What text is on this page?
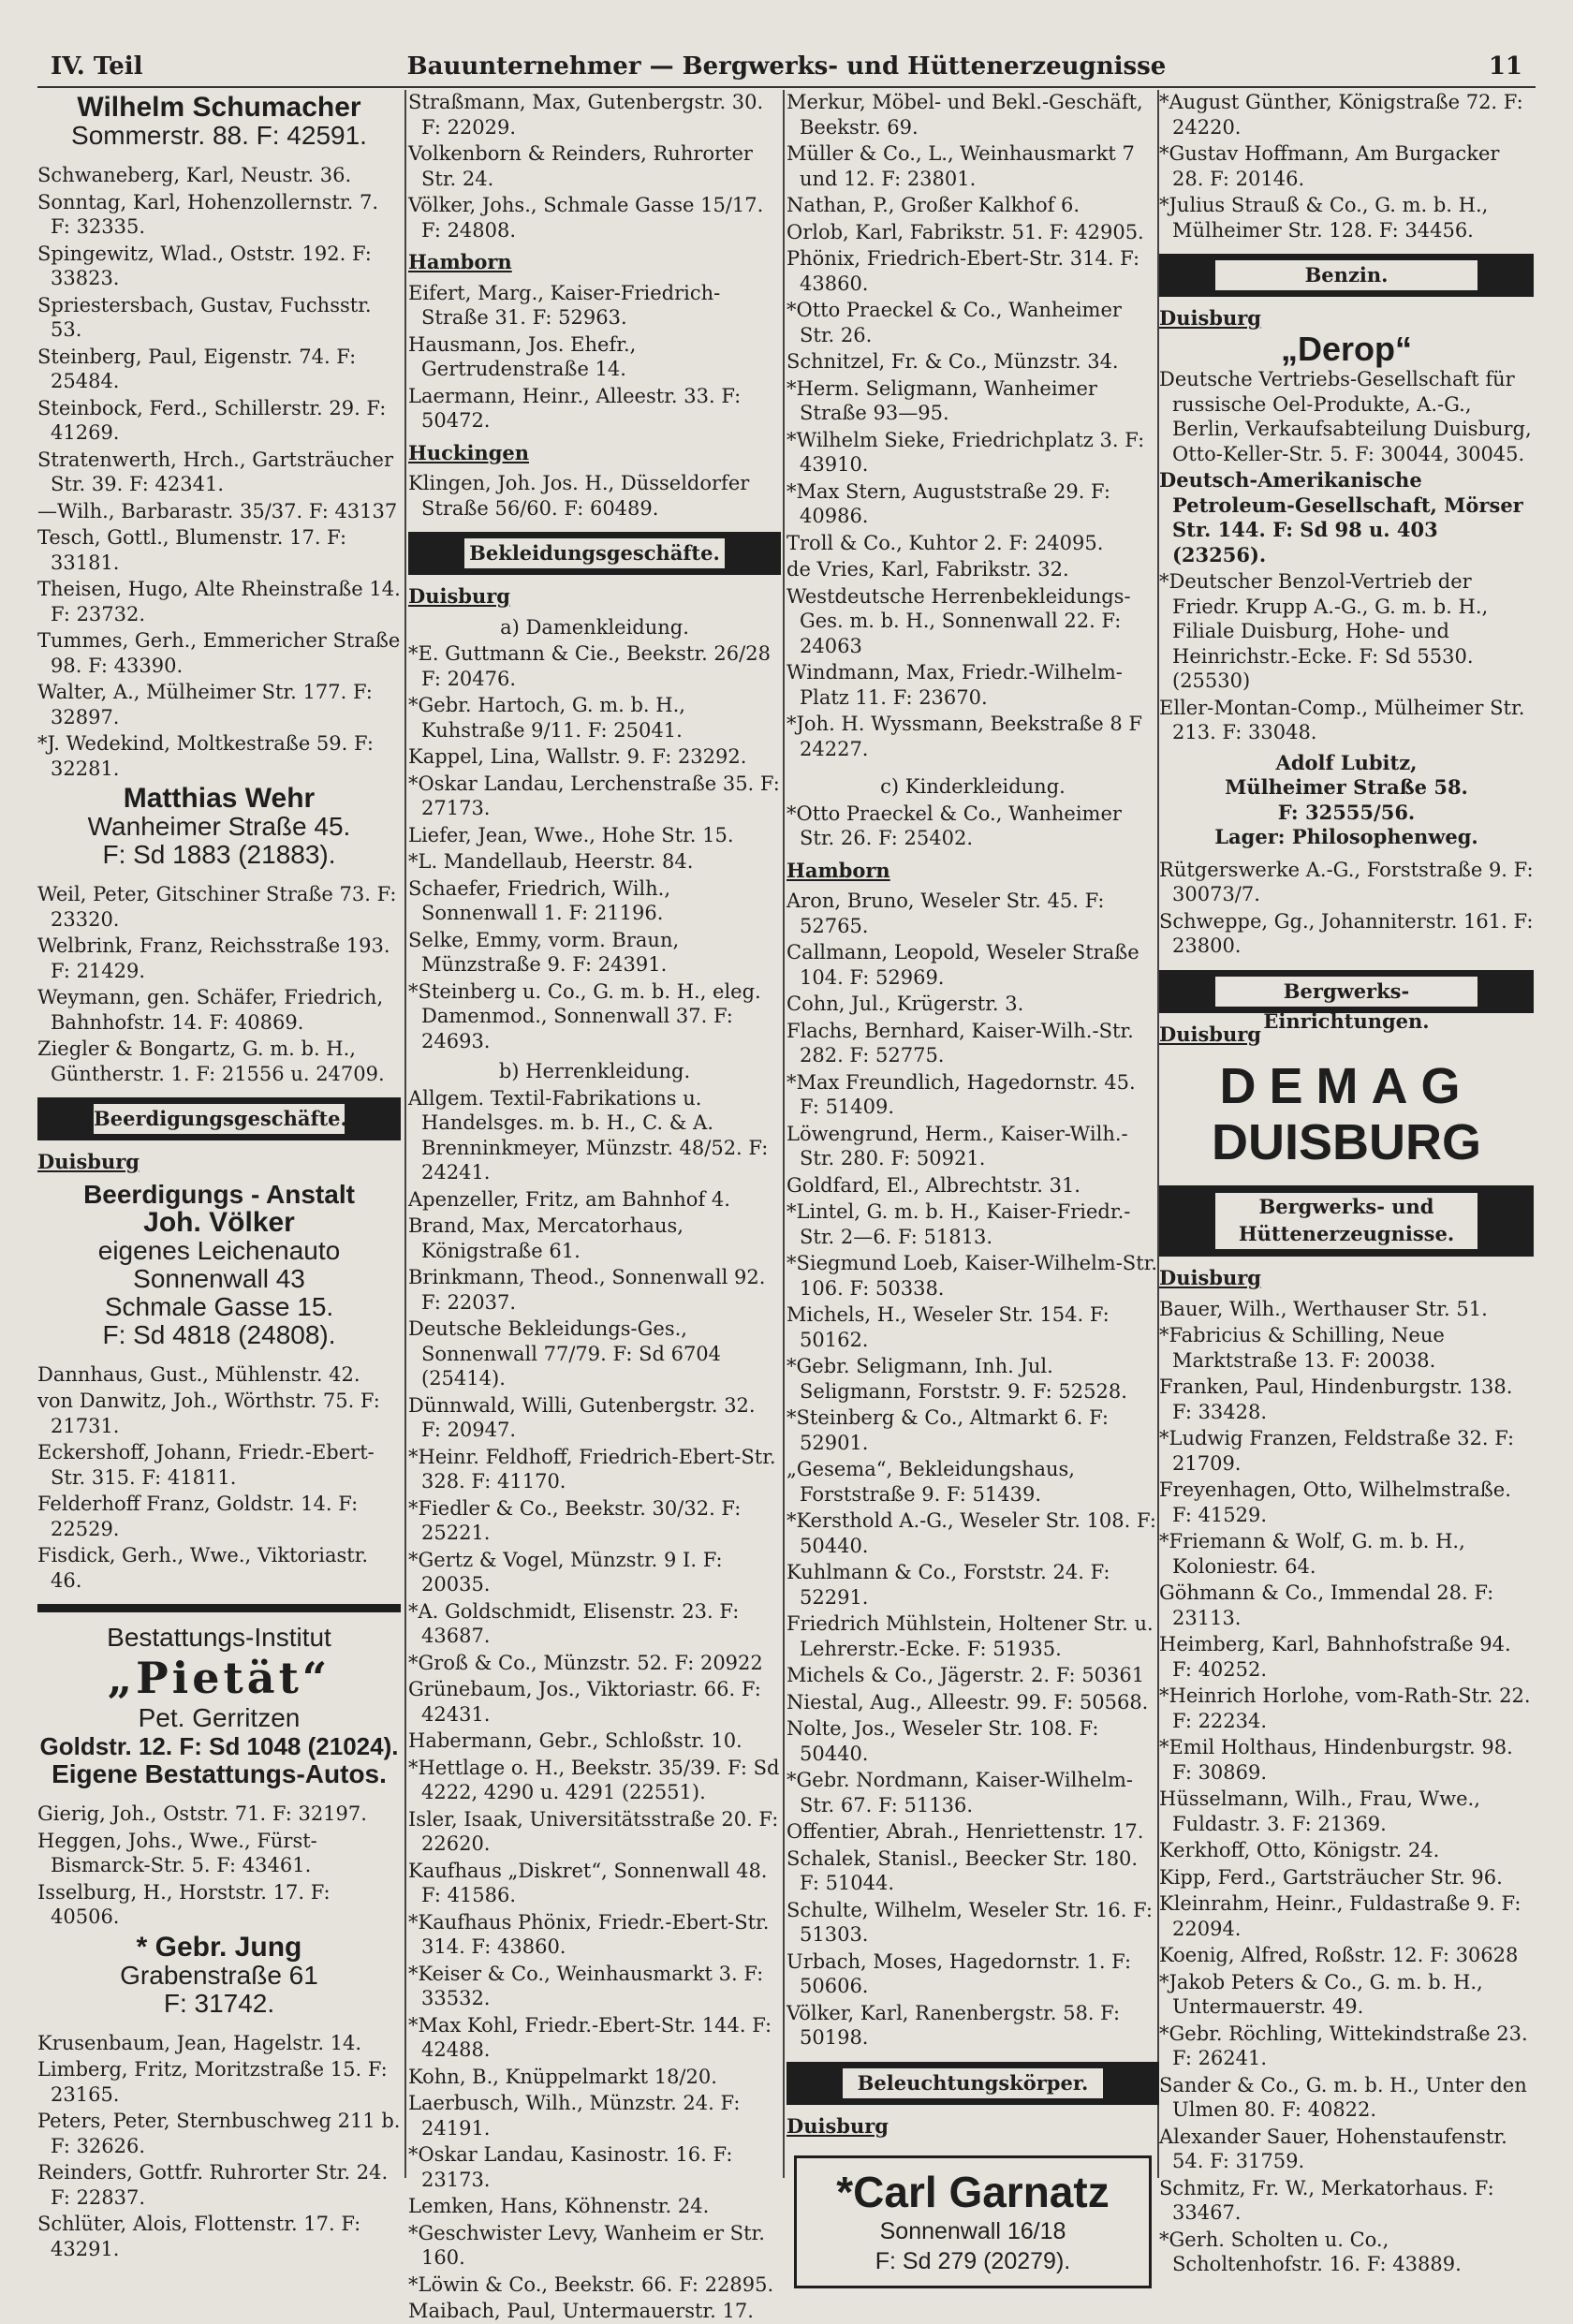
IV. Teil	Bauunternehmer — Bergwerks- und Hüttenerzeugnisse	11
Wilhelm Schumacher
Sommerstr. 88. F: 42591.
Schwaneberg, Karl, Neustr. 36.
Sonntag, Karl, Hohenzollernstr. 7. F: 32335.
Spingewitz, Wlad., Oststr. 192. F: 33823.
Spriestersbach, Gustav, Fuchsstr. 53.
Steinberg, Paul, Eigenstr. 74. F: 25484.
Steinbock, Ferd., Schillerstr. 29. F: 41269.
Stratenwerth, Hrch., Gartsträucher Str. 39. F: 42341.
—Wilh., Barbarastr. 35/37. F: 43137
Tesch, Gottl., Blumenstr. 17. F: 33181.
Theisen, Hugo, Alte Rheinstraße 14. F: 23732.
Tummes, Gerh., Emmericher Straße 98. F: 43390.
Walter, A., Mülheimer Str. 177. F: 32897.
*J. Wedekind, Moltkestraße 59. F: 32281.
Matthias Wehr
Wanheimer Straße 45.
F: Sd 1883 (21883).
Weil, Peter, Gitschiner Straße 73. F: 23320.
Welbrink, Franz, Reichsstraße 193. F: 21429.
Weymann, gen. Schäfer, Friedrich, Bahnhofstr. 14. F: 40869.
Ziegler & Bongartz, G. m. b. H., Güntherstr. 1. F: 21556 u. 24709.
Beerdigungsgeschäfte.
Duisburg
Beerdigungs - Anstalt
Joh. Völker
eigenes Leichenauto
Sonnenwall 43
Schmale Gasse 15.
F: Sd 4818 (24808).
Dannhaus, Gust., Mühlenstr. 42.
von Danwitz, Joh., Wörthstr. 75. F: 21731.
Eckershoff, Johann, Friedr.-Ebert-Str. 315. F: 41811.
Felderhoff Franz, Goldstr. 14. F: 22529.
Fisdick, Gerh., Wwe., Viktoriastr. 46.
Bestattungs-Institut
„Pietät“
Pet. Gerritzen
Goldstr. 12. F: Sd 1048 (21024).
Eigene Bestattungs-Autos.
Gierig, Joh., Oststr. 71. F: 32197.
Heggen, Johs., Wwe., Fürst-Bismarck-Str. 5. F: 43461.
Isselburg, H., Horststr. 17. F: 40506.
* Gebr. Jung
Grabenstraße 61
F: 31742.
Krusenbaum, Jean, Hagelstr. 14.
Limberg, Fritz, Moritzstraße 15. F: 23165.
Peters, Peter, Sternbuschweg 211 b. F: 32626.
Reinders, Gottfr. Ruhrorter Str. 24. F: 22837.
Schlüter, Alois, Flottenstr. 17. F: 43291.
Straßmann, Max, Gutenbergstr. 30. F: 22029.
Volkenborn & Reinders, Ruhrorter Str. 24.
Völker, Johs., Schmale Gasse 15/17. F: 24808.
Hamborn
Eifert, Marg., Kaiser-Friedrich-Straße 31. F: 52963.
Hausmann, Jos. Ehefr., Gertrudenstraße 14.
Laermann, Heinr., Alleestr. 33. F: 50472.
Huckingen
Klingen, Joh. Jos. H., Düsseldorfer Straße 56/60. F: 60489.
Bekleidungsgeschäfte.
Duisburg
a) Damenkleidung.
*E. Guttmann & Cie., Beekstr. 26/28 F: 20476.
*Gebr. Hartoch, G. m. b. H., Kuhstraße 9/11. F: 25041.
Kappel, Lina, Wallstr. 9. F: 23292.
*Oskar Landau, Lerchenstraße 35. F: 27173.
Liefer, Jean, Wwe., Hohe Str. 15.
*L. Mandellaub, Heerstr. 84.
Schaefer, Friedrich, Wilh., Sonnenwall 1. F: 21196.
Selke, Emmy, vorm. Braun, Münzstraße 9. F: 24391.
*Steinberg u. Co., G. m. b. H., eleg. Damenmod., Sonnenwall 37. F: 24693.
b) Herrenkleidung.
Allgem. Textil-Fabrikations u. Handelsges. m. b. H., C. & A. Brenninkmeyer, Münzstr. 48/52. F: 24241.
Apenzeller, Fritz, am Bahnhof 4.
Brand, Max, Mercatorhaus, Königstraße 61.
Brinkmann, Theod., Sonnenwall 92. F: 22037.
Deutsche Bekleidungs-Ges., Sonnenwall 77/79. F: Sd 6704 (25414).
Dünnwald, Willi, Gutenbergstr. 32. F: 20947.
*Heinr. Feldhoff, Friedrich-Ebert-Str. 328. F: 41170.
*Fiedler & Co., Beekstr. 30/32. F: 25221.
*Gertz & Vogel, Münzstr. 9 I. F: 20035.
*A. Goldschmidt, Elisenstr. 23. F: 43687.
*Groß & Co., Münzstr. 52. F: 20922
Grünebaum, Jos., Viktoriastr. 66. F: 42431.
Habermann, Gebr., Schloßstr. 10.
*Hettlage o. H., Beekstr. 35/39. F: Sd 4222, 4290 u. 4291 (22551).
Isler, Isaak, Universitätsstraße 20. F: 22620.
Kaufhaus „Diskret“, Sonnenwall 48. F: 41586.
*Kaufhaus Phönix, Friedr.-Ebert-Str. 314. F: 43860.
*Keiser & Co., Weinhausmarkt 3. F: 33532.
*Max Kohl, Friedr.-Ebert-Str. 144. F: 42488.
Kohn, B., Knüppelmarkt 18/20.
Laerbusch, Wilh., Münzstr. 24. F: 24191.
*Oskar Landau, Kasinostr. 16. F: 23173.
Lemken, Hans, Köhnenstr. 24.
*Geschwister Levy, Wanheim er Str. 160.
*Löwin & Co., Beekstr. 66. F: 22895.
Maibach, Paul, Untermauerstr. 17.
Merkur, Möbel- und Bekl.-Geschäft, Beekstr. 69.
Müller & Co., L., Weinhausmarkt 7 und 12. F: 23801.
Nathan, P., Großer Kalkhof 6.
Orlob, Karl, Fabrikstr. 51. F: 42905.
Phönix, Friedrich-Ebert-Str. 314. F: 43860.
*Otto Praeckel & Co., Wanheimer Str. 26.
Schnitzel, Fr. & Co., Münzstr. 34.
*Herm. Seligmann, Wanheimer Straße 93—95.
*Wilhelm Sieke, Friedrichplatz 3. F: 43910.
*Max Stern, Auguststraße 29. F: 40986.
Troll & Co., Kuhtor 2. F: 24095.
de Vries, Karl, Fabrikstr. 32.
Westdeutsche Herrenbekleidungs-Ges. m. b. H., Sonnenwall 22. F: 24063
Windmann, Max, Friedr.-Wilhelm-Platz 11. F: 23670.
*Joh. H. Wyssmann, Beekstraße 8 F 24227.
c) Kinderkleidung.
*Otto Praeckel & Co., Wanheimer Str. 26. F: 25402.
Hamborn
Aron, Bruno, Weseler Str. 45. F: 52765.
Callmann, Leopold, Weseler Straße 104. F: 52969.
Cohn, Jul., Krügerstr. 3.
Flachs, Bernhard, Kaiser-Wilh.-Str. 282. F: 52775.
*Max Freundlich, Hagedornstr. 45. F: 51409.
Löwengrund, Herm., Kaiser-Wilh.-Str. 280. F: 50921.
Goldfard, El., Albrechtstr. 31.
*Lintel, G. m. b. H., Kaiser-Friedr.-Str. 2—6. F: 51813.
*Siegmund Loeb, Kaiser-Wilhelm-Str. 106. F: 50338.
Michels, H., Weseler Str. 154. F: 50162.
*Gebr. Seligmann, Inh. Jul. Seligmann, Forststr. 9. F: 52528.
*Steinberg & Co., Altmarkt 6. F: 52901.
„Gesema“, Bekleidungshaus, Forststraße 9. F: 51439.
*Kersthold A.-G., Weseler Str. 108. F: 50440.
Kuhlmann & Co., Forststr. 24. F: 52291.
Friedrich Mühlstein, Holtener Str. u. Lehrerstr.-Ecke. F: 51935.
Michels & Co., Jägerstr. 2. F: 50361
Niestal, Aug., Alleestr. 99. F: 50568.
Nolte, Jos., Weseler Str. 108. F: 50440.
*Gebr. Nordmann, Kaiser-Wilhelm-Str. 67. F: 51136.
Offentier, Abrah., Henriettenstr. 17.
Schalek, Stanisl., Beecker Str. 180. F: 51044.
Schulte, Wilhelm, Weseler Str. 16. F: 51303.
Urbach, Moses, Hagedornstr. 1. F: 50606.
Völker, Karl, Ranenbergstr. 58. F: 50198.
Beleuchtungskörper.
Duisburg
*Carl Garnatz
Sonnenwall 16/18
F: Sd 279 (20279).
*August Günther, Königstraße 72. F: 24220.
*Gustav Hoffmann, Am Burgacker 28. F: 20146.
*Julius Strauß & Co., G. m. b. H., Mülheimer Str. 128. F: 34456.
Benzin.
Duisburg
„Derop“
Deutsche Vertriebs-Gesellschaft für russische Oel-Produkte, A.-G., Berlin, Verkaufsabteilung Duisburg, Otto-Keller-Str. 5. F: 30044, 30045.
Deutsch-Amerikanische Petroleum-Gesellschaft, Mörser Str. 144. F: Sd 98 u. 403 (23256).
*Deutscher Benzol-Vertrieb der Friedr. Krupp A.-G., G. m. b. H., Filiale Duisburg, Hohe- und Heinrichstr.-Ecke. F: Sd 5530. (25530)
Eller-Montan-Comp., Mülheimer Str. 213. F: 33048.
Adolf Lubitz,
Mülheimer Straße 58.
F: 32555/56.
Lager: Philosophenweg.
Rütgerswerke A.-G., Forststraße 9. F: 30073/7.
Schweppe, Gg., Johanniterstr. 161. F: 23800.
Bergwerks-Einrichtungen.
Duisburg
DEMAG
DUISBURG
Bergwerks- und Hüttenerzeugnisse.
Duisburg
Bauer, Wilh., Werthauser Str. 51.
*Fabricius & Schilling, Neue Marktstraße 13. F: 20038.
Franken, Paul, Hindenburgstr. 138. F: 33428.
*Ludwig Franzen, Feldstraße 32. F: 21709.
Freyenhagen, Otto, Wilhelmstraße. F: 41529.
*Friemann & Wolf, G. m. b. H., Koloniestr. 64.
Göhmann & Co., Immendal 28. F: 23113.
Heimberg, Karl, Bahnhofstraße 94. F: 40252.
*Heinrich Horlohe, vom-Rath-Str. 22. F: 22234.
*Emil Holthaus, Hindenburgstr. 98. F: 30869.
Hüsselmann, Wilh., Frau, Wwe., Fuldastr. 3. F: 21369.
Kerkhoff, Otto, Königstr. 24.
Kipp, Ferd., Gartsträucher Str. 96.
Kleinrahm, Heinr., Fuldastraße 9. F: 22094.
Koenig, Alfred, Roßstr. 12. F: 30628
*Jakob Peters & Co., G. m. b. H., Untermauerstr. 49.
*Gebr. Röchling, Wittekindstraße 23. F: 26241.
Sander & Co., G. m. b. H., Unter den Ulmen 80. F: 40822.
Alexander Sauer, Hohenstaufenstr. 54. F: 31759.
Schmitz, Fr. W., Merkatorhaus. F: 33467.
*Gerh. Scholten u. Co., Scholtenhofstr. 16. F: 43889.
